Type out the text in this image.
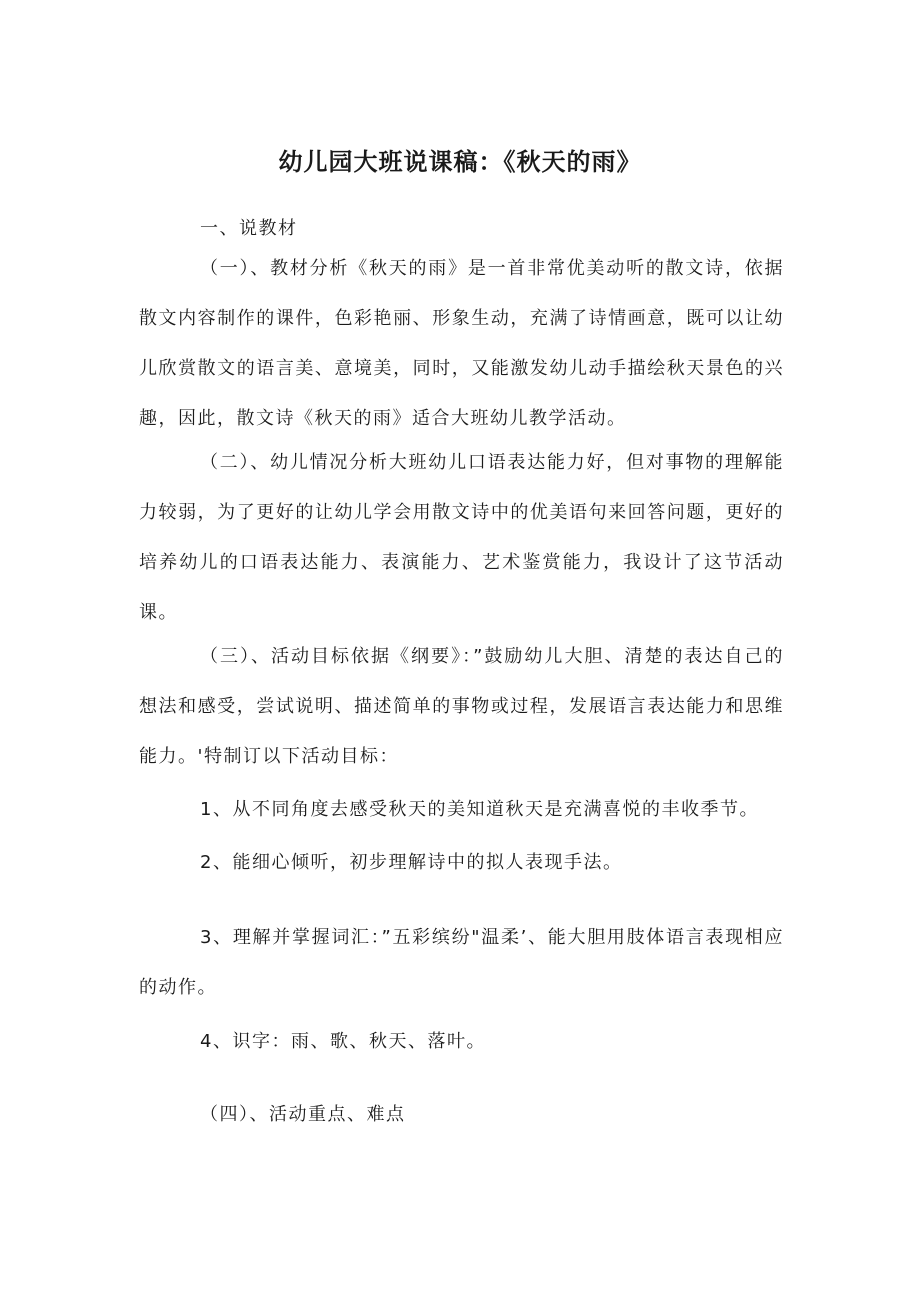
幼儿园大班说课稿：《秋天的雨》

一、说教材

（一）、教材分析《秋天的雨》是一首非常优美动听的散文诗，依据散文内容制作的课件，色彩艳丽、形象生动，充满了诗情画意，既可以让幼儿欣赏散文的语言美、意境美，同时，又能激发幼儿动手描绘秋天景色的兴趣，因此，散文诗《秋天的雨》适合大班幼儿教学活动。

（二）、幼儿情况分析大班幼儿口语表达能力好，但对事物的理解能力较弱，为了更好的让幼儿学会用散文诗中的优美语句来回答问题，更好的培养幼儿的口语表达能力、表演能力、艺术鉴赏能力，我设计了这节活动课。

（三）、活动目标依据《纲要》：”鼓励幼儿大胆、清楚的表达自己的想法和感受，尝试说明、描述简单的事物或过程，发展语言表达能力和思维能力。'特制订以下活动目标：

1、从不同角度去感受秋天的美知道秋天是充满喜悦的丰收季节。

2、能细心倾听，初步理解诗中的拟人表现手法。

3、理解并掌握词汇：”五彩缤纷"温柔’、能大胆用肢体语言表现相应的动作。

4、识字：雨、歌、秋天、落叶。

（四）、活动重点、难点
